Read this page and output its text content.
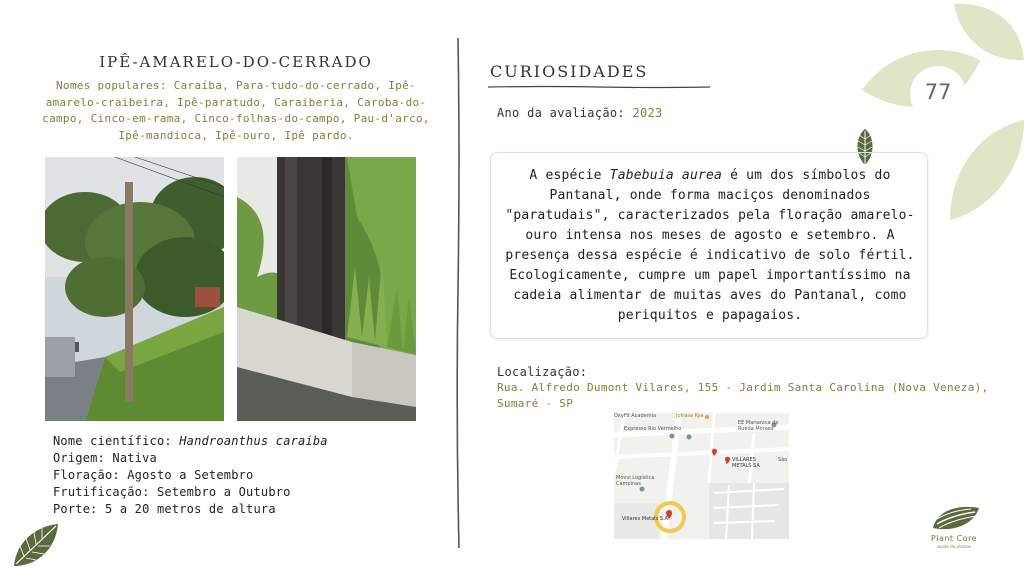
IPÊ-AMARELO-DO-CERRADO
Nomes populares: Caraíba, Para-tudo-do-cerrado, Ipê-amarelo-craibeira, Ipê-paratudo, Caraiberia, Caroba-do-campo, Cinco-em-rama, Cinco-folhas-do-campo, Pau-d'arco, Ipê-mandioca, Ipê-ouro, Ipê pardo.
Nome científico: Handroanthus caraiba
Origem: Nativa
Floração: Agosto a Setembro
Frutificação: Setembro a Outubro
Porte: 5 a 20 metros de altura
CURIOSIDADES
Ano da avaliação: 2023
A espécie Tabebuia aurea é um dos símbolos do Pantanal, onde forma maciços denominados "paratudais", caracterizados pela floração amarelo-ouro intensa nos meses de agosto e setembro. A presença dessa espécie é indicativo de solo fértil. Ecologicamente, cumpre um papel importantíssimo na cadeia alimentar de muitas aves do Pantanal, como periquitos e papagaios.
Localização:
Rua. Alfredo Dumont Vilares, 155 - Jardim Santa Carolina (Nova Veneza), Sumaré - SP
OxyFit Academia	Jofrasa Kya
Expresso Rio Vermelho
EE Marianina de Rueda Moraes
VILLARES METALS SA
São
Movvi Logística Campinas
Villares Metals S.A.
77
Plant Core
saúde de plantas
